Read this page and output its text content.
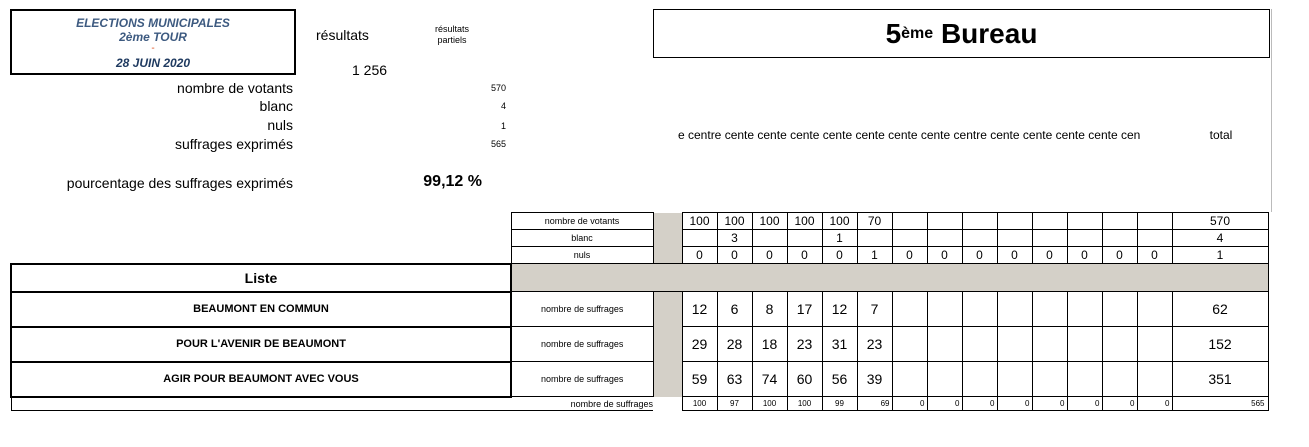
ELECTIONS MUNICIPALES
2ème TOUR
-
28 JUIN 2020
résultats	résultats
partiels
1 256
5 ème
Bureau
nombre de votants	570
blanc	4
nuls	1
suffrages exprimés	565
pourcentage des suffrages exprimés	99,12 %
e centre cente cente cente cente cente cente cente centre cente cente cente cente cen	total
	nombre de votants		100	100	100	100	100	70									570
	blanc			3			1										4
	nuls		0	0	0	0	0	1	0	0	0	0	0	0	0	0	1
Liste																	
BEAUMONT EN COMMUN	nombre de suffrages		12	6	8	17	12	7									62
POUR L'AVENIR DE BEAUMONT	nombre de suffrages		29	28	18	23	31	23									152
AGIR POUR BEAUMONT AVEC VOUS	nombre de suffrages		59	63	74	60	56	39									351
nombre de suffrages			100	97	100	100	99	69	0	0	0	0	0	0	0	0	565
